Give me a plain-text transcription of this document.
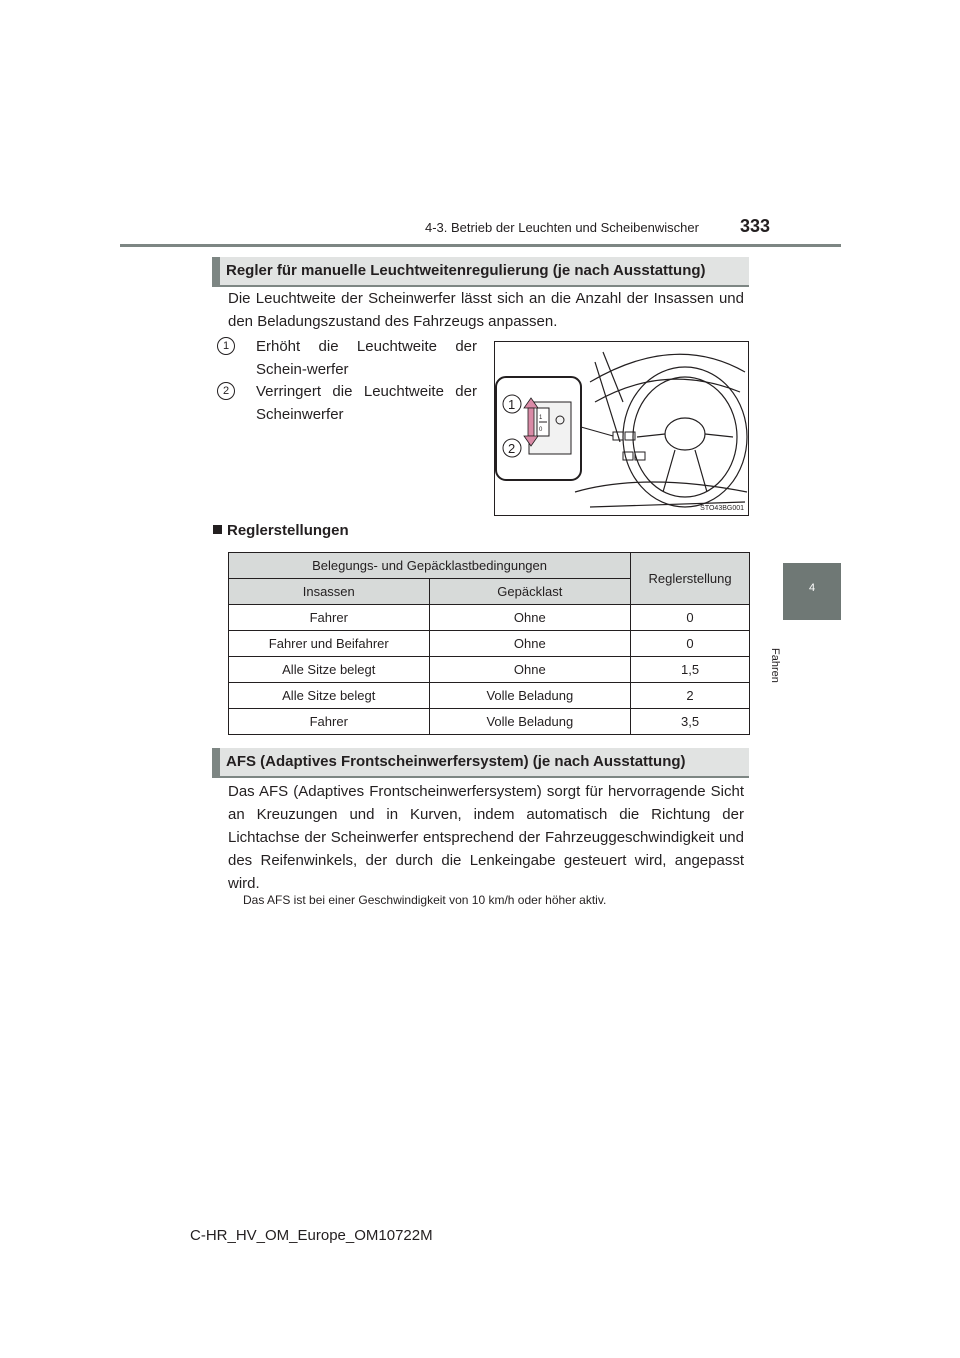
4-3. Betrieb der Leuchten und Scheibenwischer 333
4
Fahren
Regler für manuelle Leuchtweitenregulierung (je nach Ausstattung)
Die Leuchtweite der Scheinwerfer lässt sich an die Anzahl der Insassen und den Beladungszustand des Fahrzeugs anpassen.
1	Erhöht die Leuchtweite der Schein-werfer
2	Verringert die Leuchtweite der Scheinwerfer	1
0
1
2
STO43BG001
Reglerstellungen
Belegungs- und Gepäcklastbedingungen		Reglerstellung
Insassen	Gepäcklast	
Fahrer	Ohne	0
Fahrer und Beifahrer	Ohne	0
Alle Sitze belegt	Ohne	1,5
Alle Sitze belegt	Volle Beladung	2
Fahrer	Volle Beladung	3,5
AFS (Adaptives Frontscheinwerfersystem) (je nach Ausstattung)
Das AFS (Adaptives Frontscheinwerfersystem) sorgt für hervorragende Sicht an Kreuzungen und in Kurven, indem automatisch die Richtung der Lichtachse der Scheinwerfer entsprechend der Fahrzeuggeschwindigkeit und des Reifenwinkels, der durch die Lenkeingabe gesteuert wird, angepasst wird.
Das AFS ist bei einer Geschwindigkeit von 10 km/h oder höher aktiv.
C-HR_HV_OM_Europe_OM10722M
